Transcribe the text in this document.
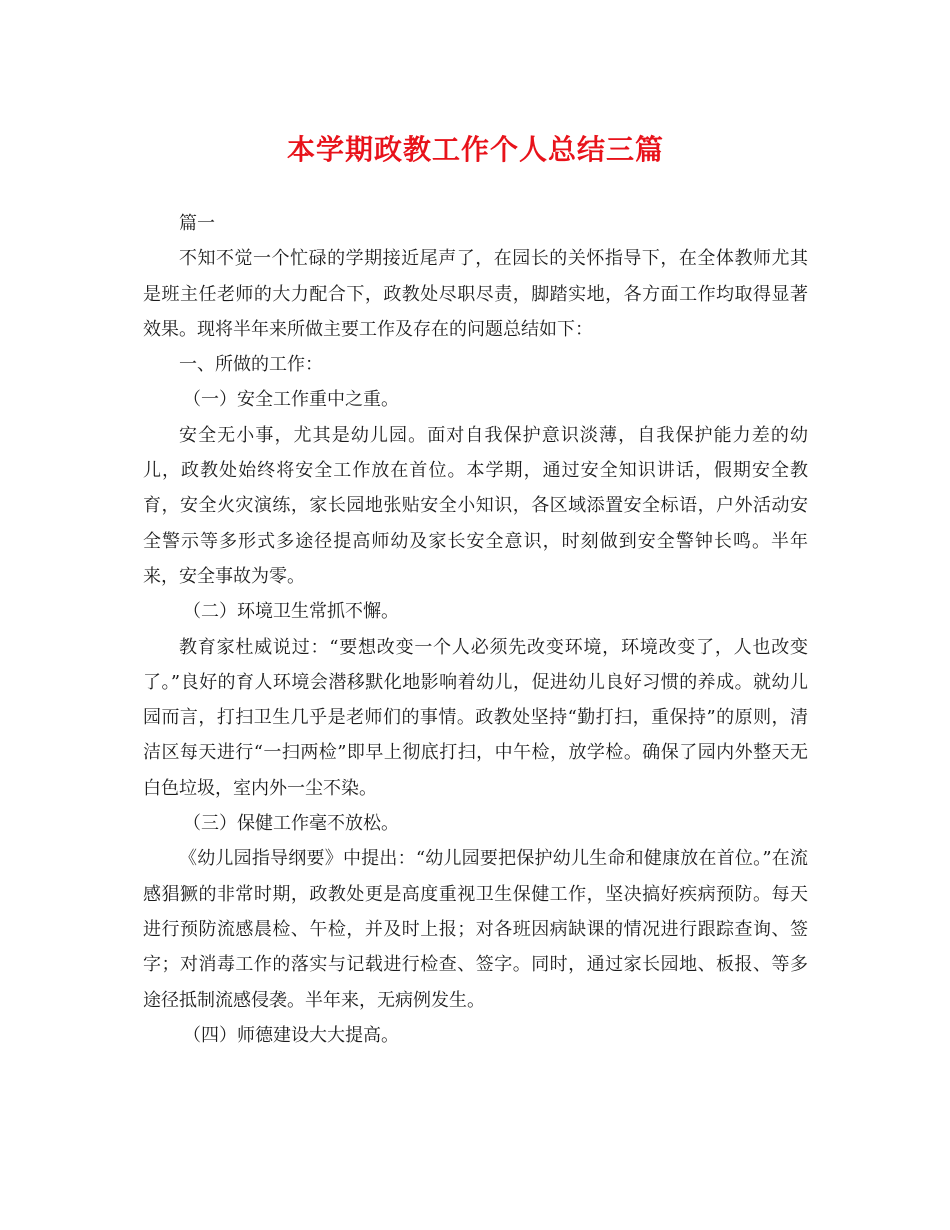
本学期政教工作个人总结三篇

篇一

不知不觉一个忙碌的学期接近尾声了，在园长的关怀指导下，在全体教师尤其是班主任老师的大力配合下，政教处尽职尽责，脚踏实地，各方面工作均取得显著效果。现将半年来所做主要工作及存在的问题总结如下：

一、所做的工作：

（一）安全工作重中之重。

安全无小事，尤其是幼儿园。面对自我保护意识淡薄，自我保护能力差的幼儿，政教处始终将安全工作放在首位。本学期，通过安全知识讲话，假期安全教育，安全火灾演练，家长园地张贴安全小知识，各区域添置安全标语，户外活动安全警示等多形式多途径提高师幼及家长安全意识，时刻做到安全警钟长鸣。半年来，安全事故为零。

（二）环境卫生常抓不懈。

教育家杜威说过：“要想改变一个人必须先改变环境，环境改变了，人也改变了。”良好的育人环境会潜移默化地影响着幼儿，促进幼儿良好习惯的养成。就幼儿园而言，打扫卫生几乎是老师们的事情。政教处坚持“勤打扫，重保持”的原则，清洁区每天进行“一扫两检”即早上彻底打扫，中午检，放学检。确保了园内外整天无白色垃圾，室内外一尘不染。

（三）保健工作毫不放松。

《幼儿园指导纲要》中提出：“幼儿园要把保护幼儿生命和健康放在首位。”在流感猖獗的非常时期，政教处更是高度重视卫生保健工作，坚决搞好疾病预防。每天进行预防流感晨检、午检，并及时上报；对各班因病缺课的情况进行跟踪查询、签字；对消毒工作的落实与记载进行检查、签字。同时，通过家长园地、板报、等多途径抵制流感侵袭。半年来，无病例发生。

（四）师德建设大大提高。
